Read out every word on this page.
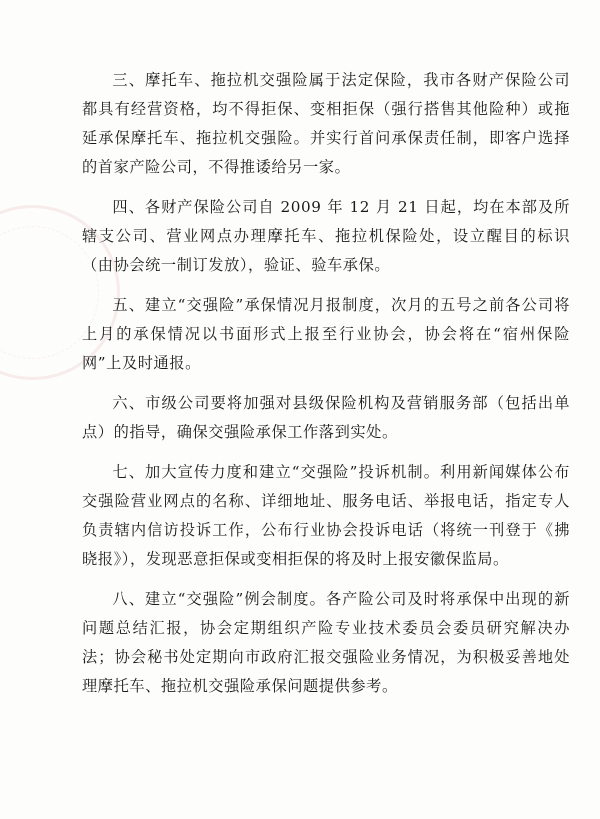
三、摩托车、拖拉机交强险属于法定保险，我市各财产保险公司都具有经营资格，均不得拒保、变相拒保（强行搭售其他险种）或拖延承保摩托车、拖拉机交强险。并实行首问承保责任制，即客户选择的首家产险公司，不得推诿给另一家。

四、各财产保险公司自 2009 年 12 月 21 日起，均在本部及所辖支公司、营业网点办理摩托车、拖拉机保险处，设立醒目的标识（由协会统一制订发放），验证、验车承保。

五、建立“交强险”承保情况月报制度，次月的五号之前各公司将上月的承保情况以书面形式上报至行业协会，协会将在“宿州保险网”上及时通报。

六、市级公司要将加强对县级保险机构及营销服务部（包括出单点）的指导，确保交强险承保工作落到实处。

七、加大宣传力度和建立“交强险”投诉机制。利用新闻媒体公布交强险营业网点的名称、详细地址、服务电话、举报电话，指定专人负责辖内信访投诉工作，公布行业协会投诉电话（将统一刊登于《拂晓报》），发现恶意拒保或变相拒保的将及时上报安徽保监局。

八、建立“交强险”例会制度。各产险公司及时将承保中出现的新问题总结汇报，协会定期组织产险专业技术委员会委员研究解决办法；协会秘书处定期向市政府汇报交强险业务情况，为积极妥善地处理摩托车、拖拉机交强险承保问题提供参考。
